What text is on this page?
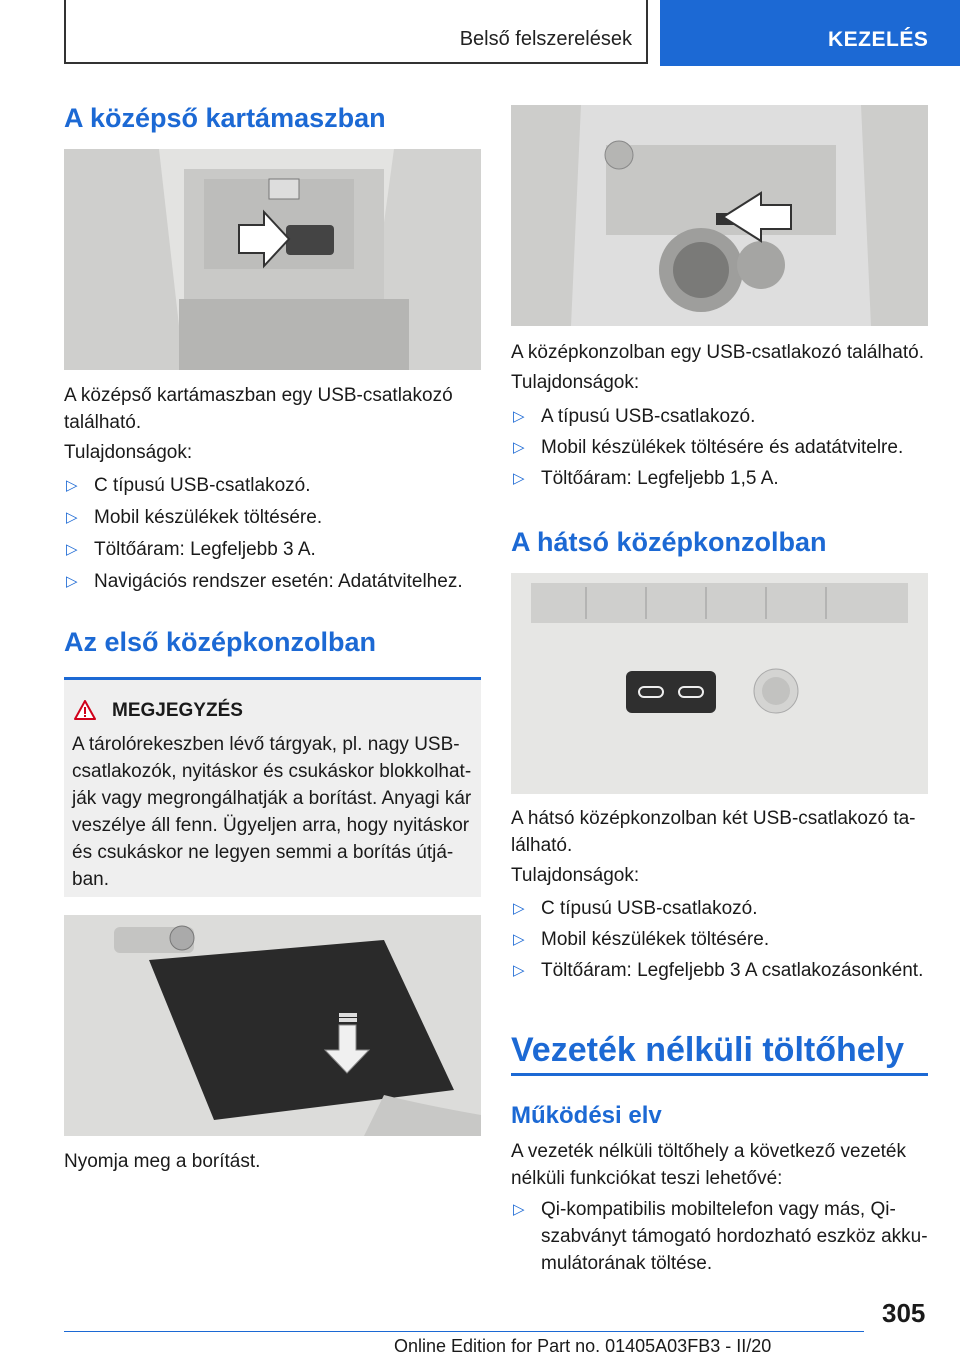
Belső felszerelések	KEZELÉS
A középső kartámaszban

A középső kartámaszban egy USB-csatlakozó

található.

Tulajdonságok:

▷ C típusú USB-csatlakozó.
▷ Mobil készülékek töltésére.
▷ Töltőáram: Legfeljebb 3 A.
▷ Navigációs rendszer esetén: Adatátvitelhez.
Az első középkonzolban
MEGJEGYZÉS

A tárolórekeszben lévő tárgyak, pl. nagy USB-

csatlakozók, nyitáskor és csukáskor blokkolhat-

ják vagy megrongálhatják a borítást. Anyagi kár

veszélye áll fenn. Ügyeljen arra, hogy nyitáskor

és csukáskor ne legyen semmi a borítás útjá-

ban.

Nyomja meg a borítást.

A középkonzolban egy USB-csatlakozó található.

Tulajdonságok:

▷ A típusú USB-csatlakozó.
▷ Mobil készülékek töltésére és adatátvitelre.
▷ Töltőáram: Legfeljebb 1,5 A.
A hátsó középkonzolban

A hátsó középkonzolban két USB-csatlakozó ta-

lálható.

Tulajdonságok:

▷ C típusú USB-csatlakozó.
▷ Mobil készülékek töltésére.
▷ Töltőáram: Legfeljebb 3 A csatlakozásonként.
Vezeték nélküli töltőhely
Működési elv

A vezeték nélküli töltőhely a következő vezeték

nélküli funkciókat teszi lehetővé:

▷ Qi-kompatibilis mobiltelefon vagy más, Qi-

szabványt támogató hordozható eszköz akku-

mulátorának töltése.

305
Online Edition for Part no. 01405A03FB3 - II/20
